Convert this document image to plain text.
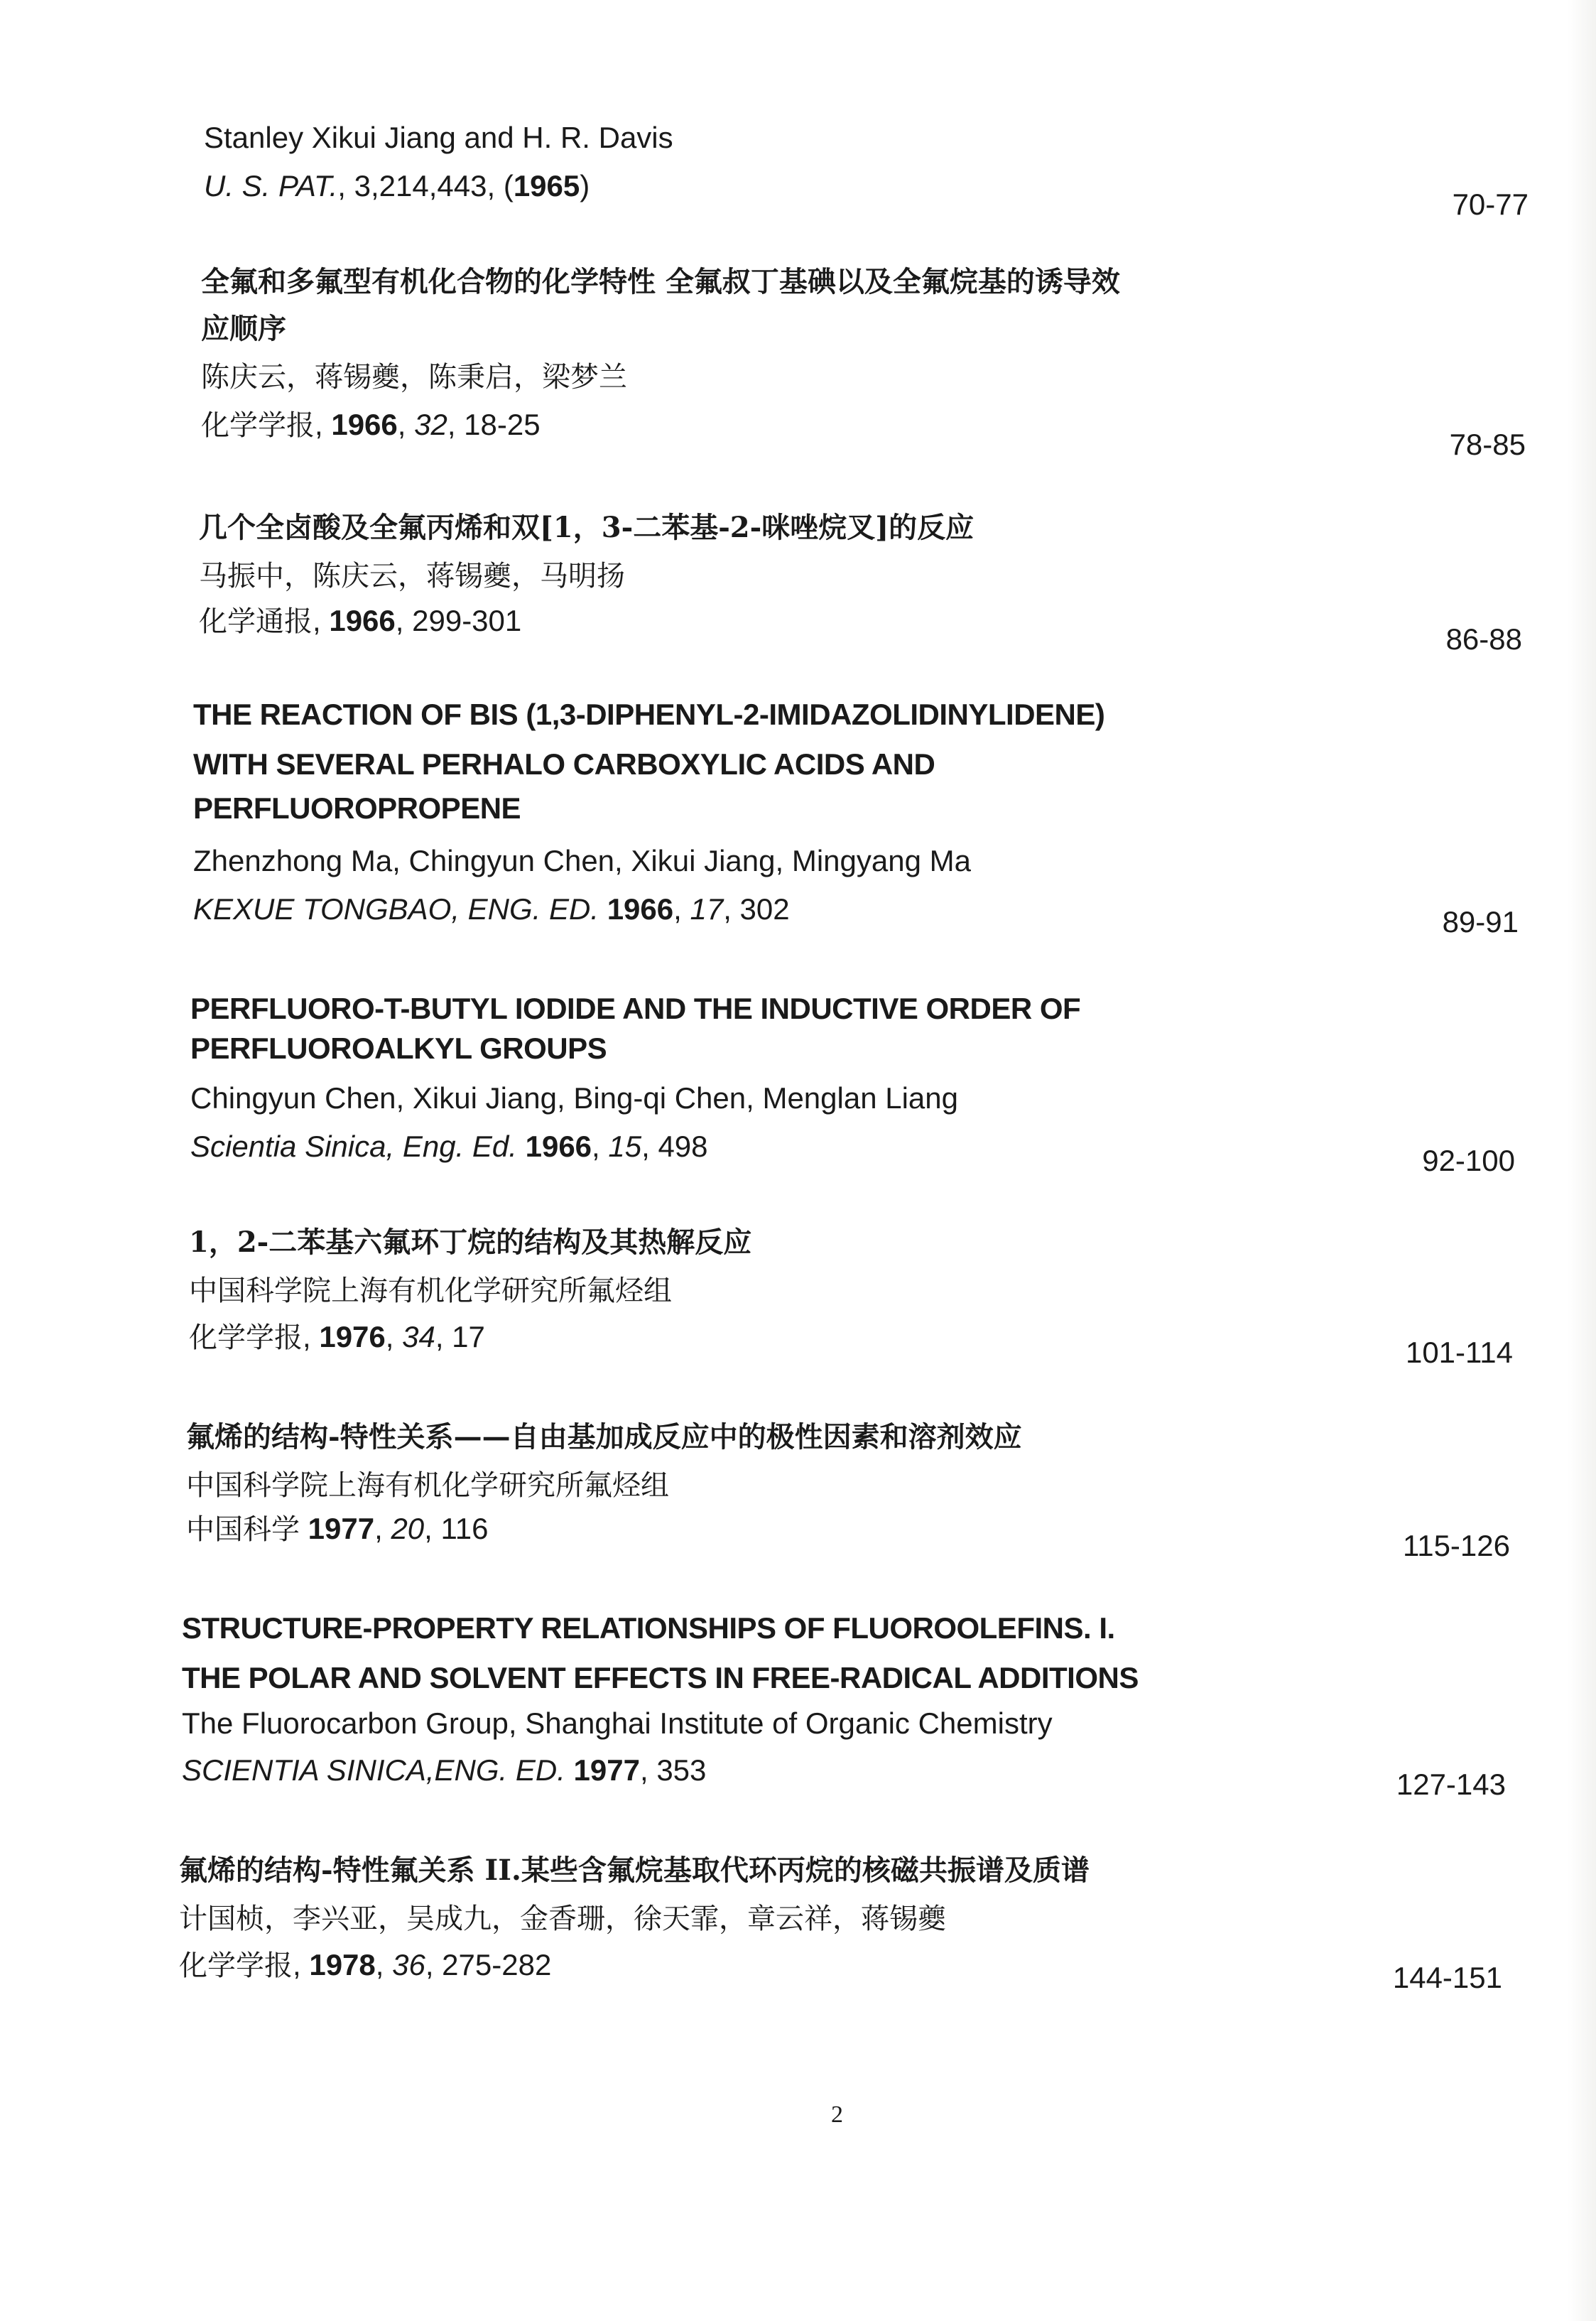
Stanley Xikui Jiang and H. R. Davis
U. S. PAT., 3,214,443, (1965)
70-77
全氟和多氟型有机化合物的化学特性 全氟叔丁基碘以及全氟烷基的诱导效
应顺序
陈庆云，蒋锡夔，陈秉启，梁梦兰
化学学报, 1966, 32, 18-25
78-85
几个全卤酸及全氟丙烯和双[1，3-二苯基-2-咪唑烷叉]的反应
马振中，陈庆云，蒋锡夔，马明扬
化学通报, 1966, 299-301
86-88
THE REACTION OF BIS (1,3-DIPHENYL-2-IMIDAZOLIDINYLIDENE)
WITH SEVERAL PERHALO CARBOXYLIC ACIDS AND
PERFLUOROPROPENE
Zhenzhong Ma, Chingyun Chen, Xikui Jiang, Mingyang Ma
KEXUE TONGBAO, ENG. ED. 1966, 17, 302	89-91
PERFLUORO-T-BUTYL IODIDE AND THE INDUCTIVE ORDER OF
PERFLUOROALKYL GROUPS
Chingyun Chen, Xikui Jiang, Bing-qi Chen, Menglan Liang
Scientia Sinica, Eng. Ed. 1966, 15, 498	92-100
1，2-二苯基六氟环丁烷的结构及其热解反应
中国科学院上海有机化学研究所氟烃组
化学学报, 1976, 34, 17	101-114
氟烯的结构-特性关系——自由基加成反应中的极性因素和溶剂效应
中国科学院上海有机化学研究所氟烃组
中国科学 1977, 20, 116
115-126
STRUCTURE-PROPERTY RELATIONSHIPS OF FLUOROOLEFINS. I.
THE POLAR AND SOLVENT EFFECTS IN FREE-RADICAL ADDITIONS
The Fluorocarbon Group, Shanghai Institute of Organic Chemistry
SCIENTIA SINICA,ENG. ED. 1977, 353	127-143
氟烯的结构-特性氟关系 II.某些含氟烷基取代环丙烷的核磁共振谱及质谱
计国桢，李兴亚，吴成九，金香珊，徐天霏，章云祥，蒋锡夔
化学学报, 1978, 36, 275-282	144-151
2
